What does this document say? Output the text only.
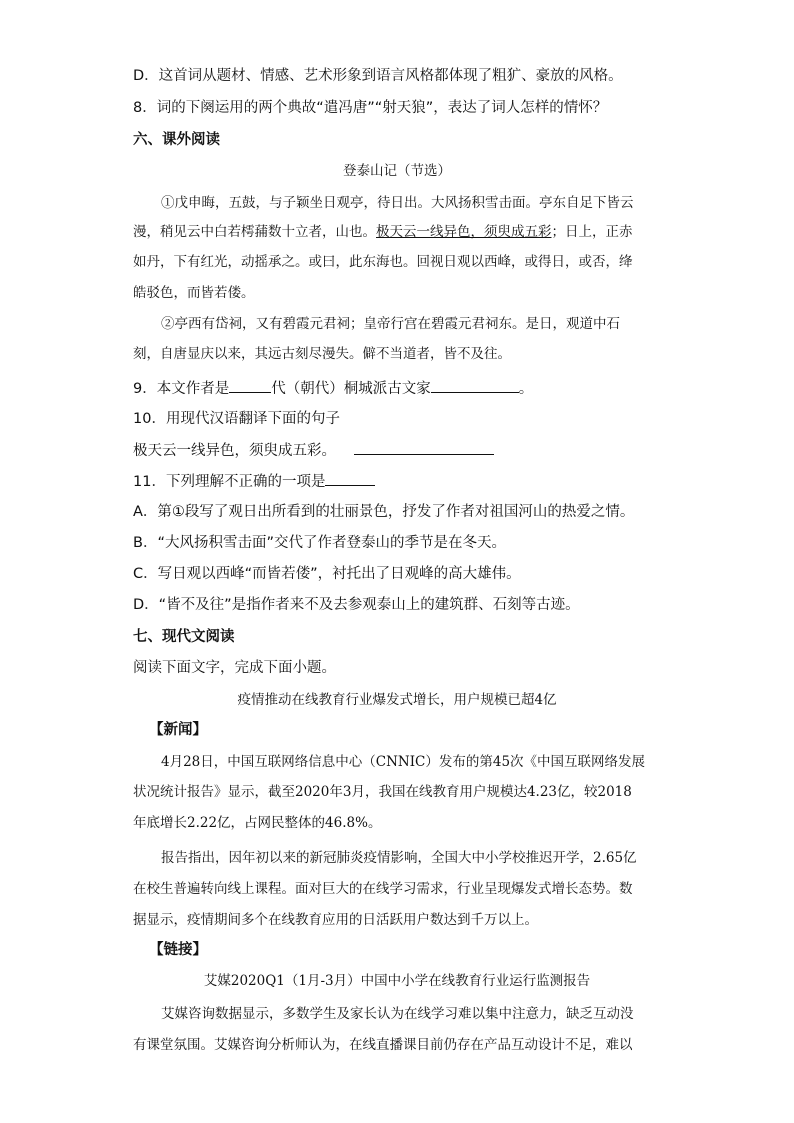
D．这首词从题材、情感、艺术形象到语言风格都体现了粗犷、豪放的风格。
8．词的下阕运用的两个典故“遣冯唐”“射天狼”，表达了词人怎样的情怀？
六、课外阅读
登泰山记（节选）
①戊申晦，五鼓，与子颖坐日观亭，待日出。大风扬积雪击面。亭东自足下皆云
漫，稍见云中白若樗蒱数十立者，山也。极天云一线异色，须臾成五彩；日上，正赤
如丹，下有红光，动摇承之。或曰，此东海也。回视日观以西峰，或得日，或否，绛
皓驳色，而皆若偻。
②亭西有岱祠，又有碧霞元君祠；皇帝行宫在碧霞元君祠东。是日，观道中石
刻，自唐显庆以来，其远古刻尽漫失。僻不当道者，皆不及往。
9．本文作者是	代（朝代）桐城派古文家	。
10．用现代汉语翻译下面的句子
极天云一线异色，须臾成五彩。
11．下列理解不正确的一项是
A．第①段写了观日出所看到的壮丽景色，抒发了作者对祖国河山的热爱之情。
B．“大风扬积雪击面”交代了作者登泰山的季节是在冬天。
C．写日观以西峰“而皆若偻”，衬托出了日观峰的高大雄伟。
D．“皆不及往”是指作者来不及去参观泰山上的建筑群、石刻等古迹。
七、现代文阅读
阅读下面文字，完成下面小题。
疫情推动在线教育行业爆发式增长，用户规模已超4亿
【新闻】
4月28日，中国互联网络信息中心（CNNIC）发布的第45次《中国互联网络发展
状况统计报告》显示，截至2020年3月，我国在线教育用户规模达4.23亿，较2018
年底增长2.22亿，占网民整体的46.8%。
报告指出，因年初以来的新冠肺炎疫情影响，全国大中小学校推迟开学，2.65亿
在校生普遍转向线上课程。面对巨大的在线学习需求，行业呈现爆发式增长态势。数
据显示，疫情期间多个在线教育应用的日活跃用户数达到千万以上。
【链接】
艾媒2020Q1（1月-3月）中国中小学在线教育行业运行监测报告
艾媒咨询数据显示，多数学生及家长认为在线学习难以集中注意力，缺乏互动没
有课堂氛围。艾媒咨询分析师认为，在线直播课目前仍存在产品互动设计不足，难以
